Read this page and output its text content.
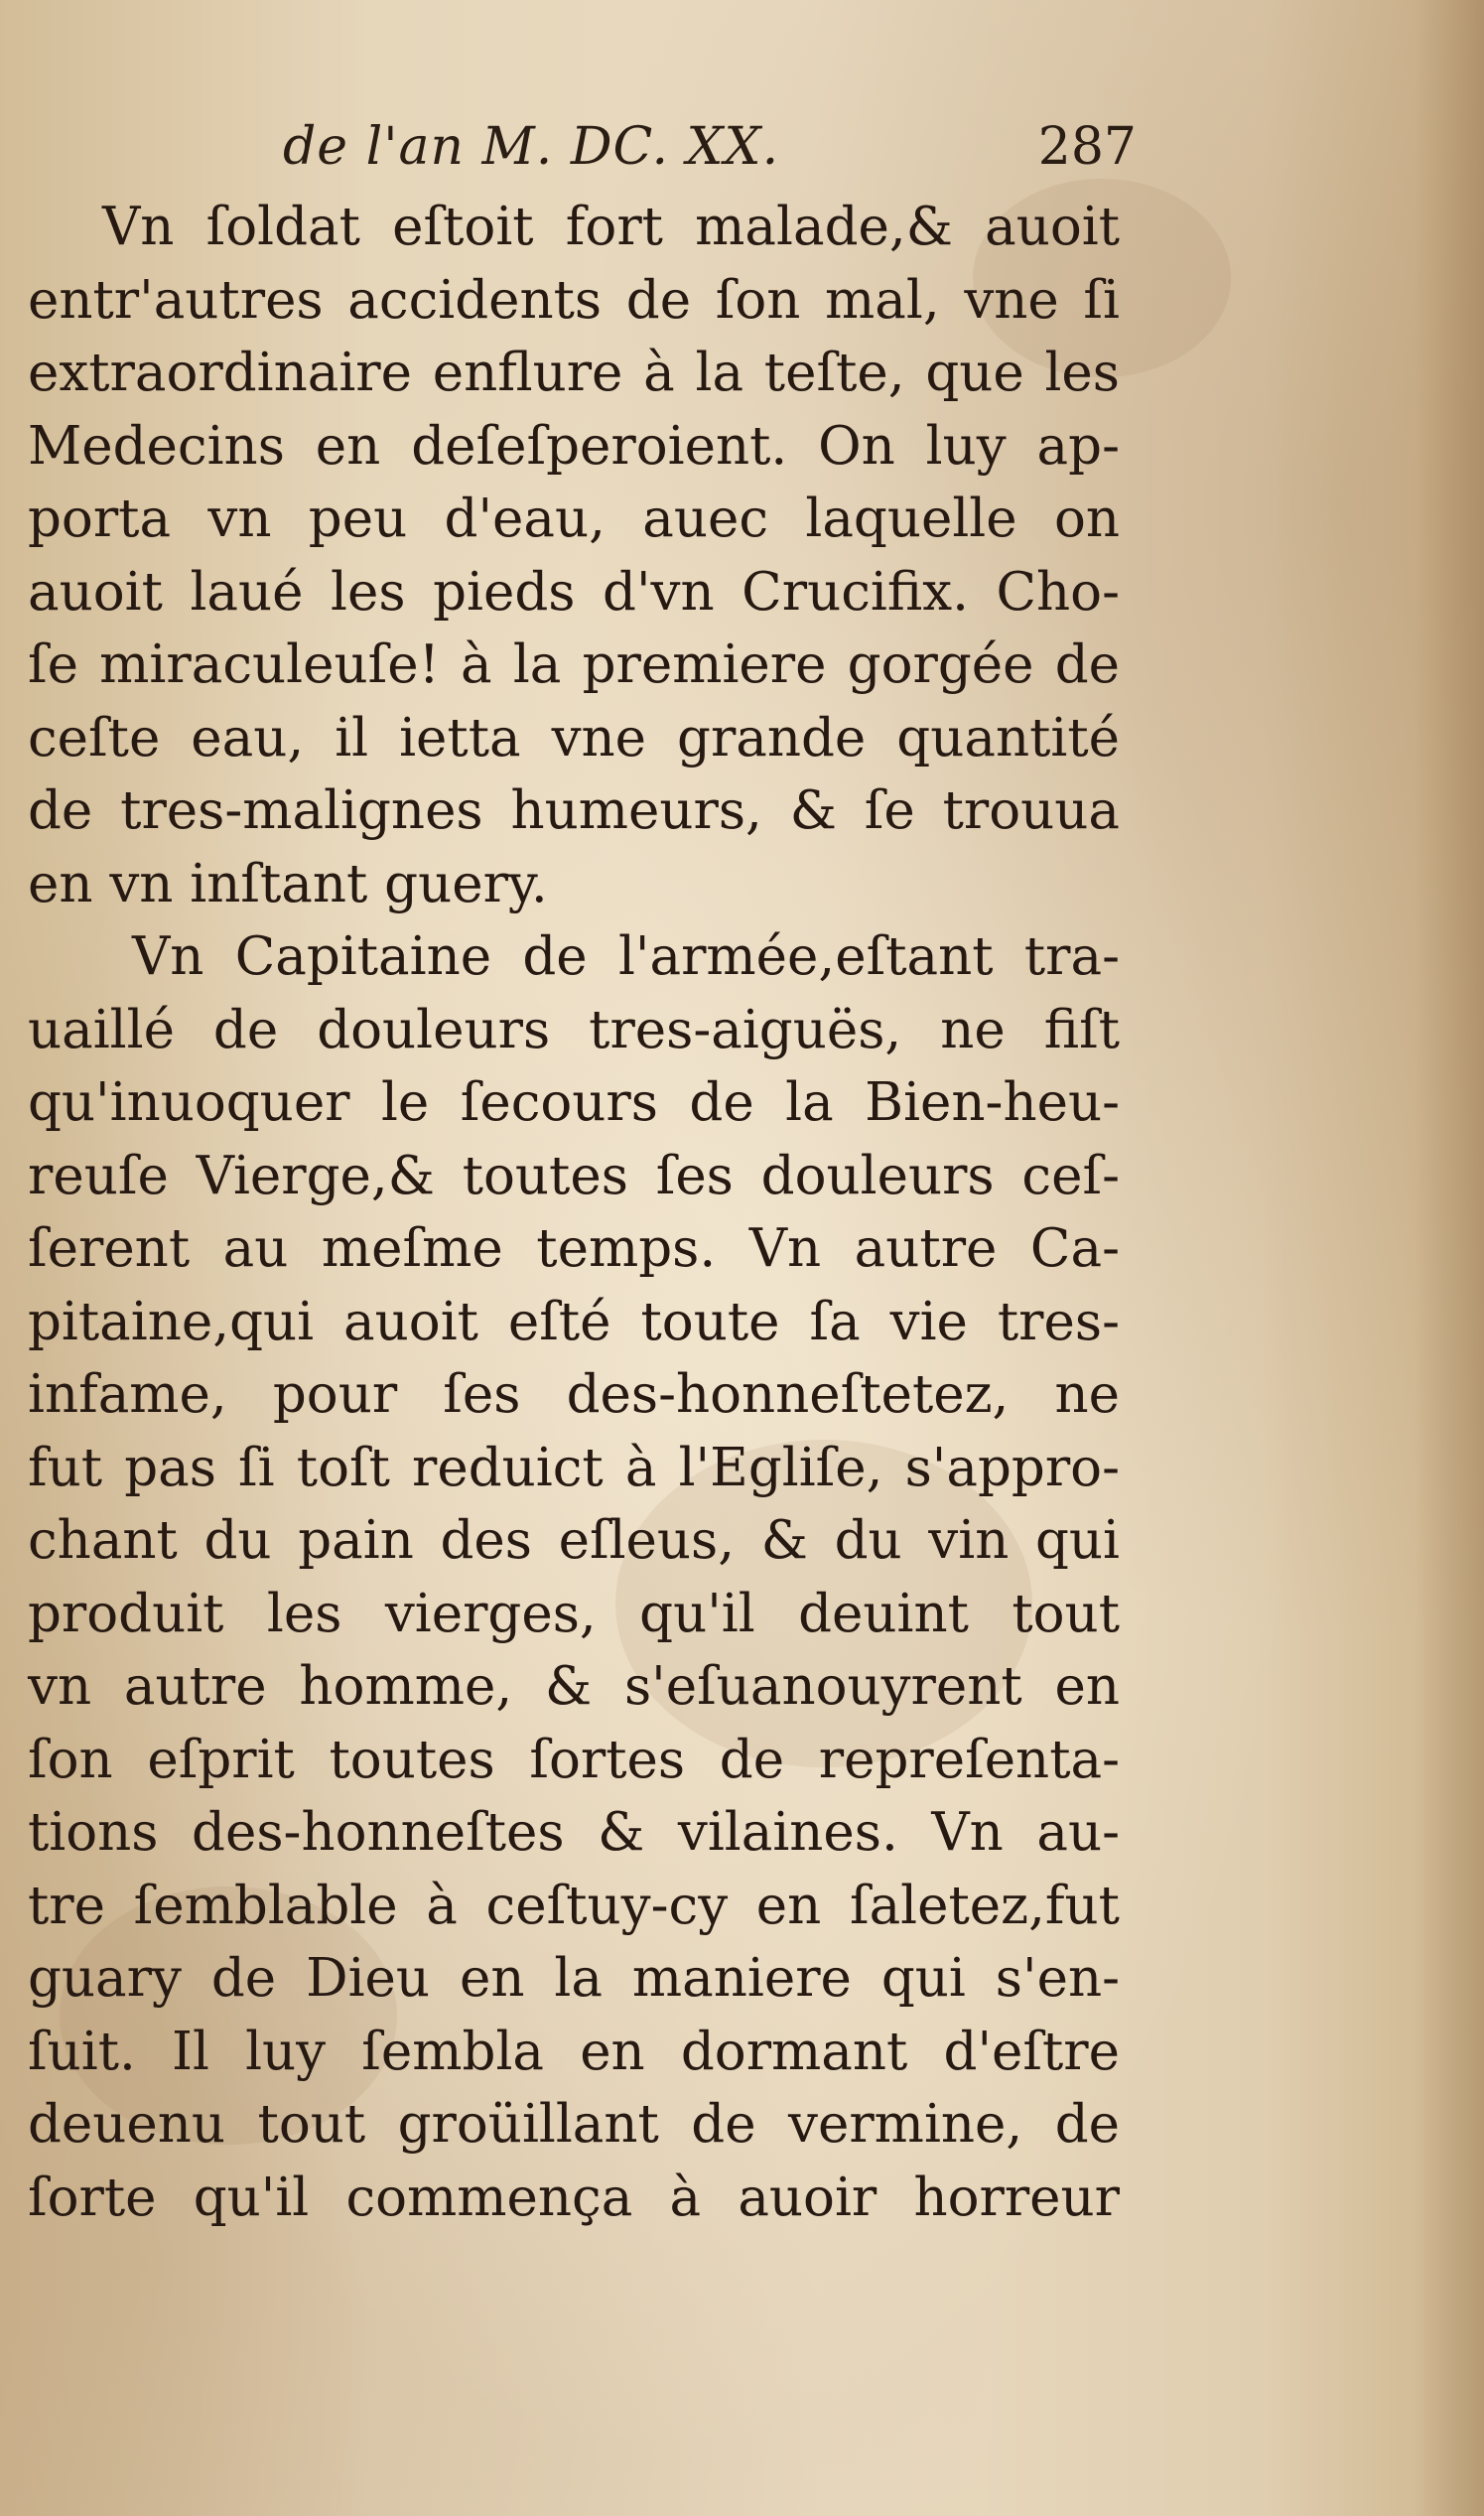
de l'an M. DC. XX.	287
Vn ſoldat eſtoit fort malade,& auoit
entr'autres accidents de ſon mal, vne ſi
extraordinaire enflure à la teſte, que les
Medecins en deſeſperoient. On luy ap-
porta vn peu d'eau, auec laquelle on
auoit laué les pieds d'vn Crucifix. Cho-
ſe miraculeuſe! à la premiere gorgée de
ceſte eau, il ietta vne grande quantité
de tres-malignes humeurs, & ſe trouua
en vn inſtant guery.
Vn Capitaine de l'armée,eſtant tra-
uaillé de douleurs tres-aiguës, ne fiſt
qu'inuoquer le ſecours de la Bien-heu-
reuſe Vierge,& toutes ſes douleurs ceſ-
ſerent au meſme temps. Vn autre Ca-
pitaine,qui auoit eſté toute ſa vie tres-
infame, pour ſes des-honneſtetez, ne
fut pas ſi toſt reduict à l'Egliſe, s'appro-
chant du pain des eſleus, & du vin qui
produit les vierges, qu'il deuint tout
vn autre homme, & s'eſuanouyrent en
ſon eſprit toutes ſortes de repreſenta-
tions des-honneſtes & vilaines. Vn au-
tre ſemblable à ceſtuy-cy en ſaletez,fut
guary de Dieu en la maniere qui s'en-
ſuit. Il luy ſembla en dormant d'eſtre
deuenu tout groüillant de vermine, de
ſorte qu'il commença à auoir horreur
